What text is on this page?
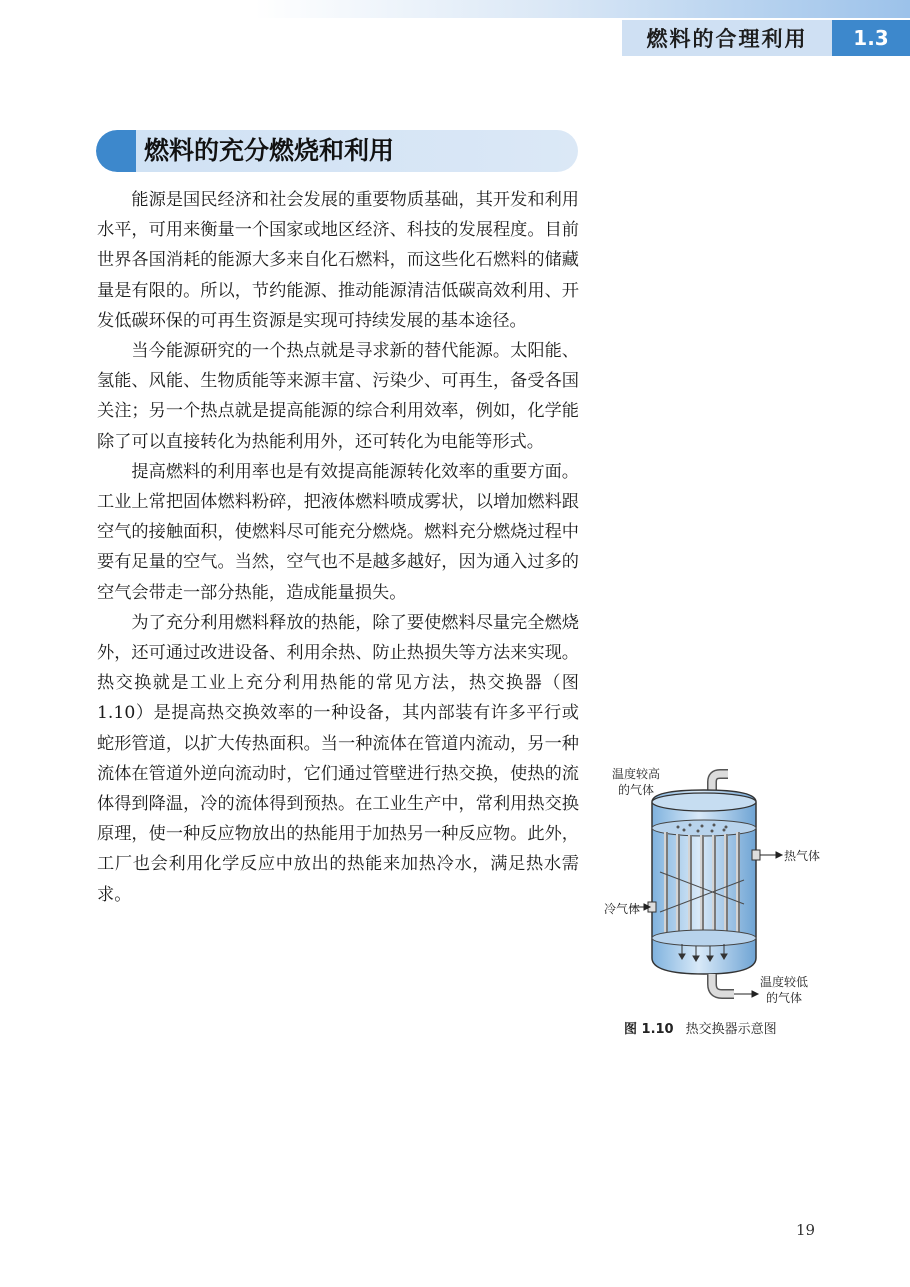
燃料的合理利用	1.3
燃料的充分燃烧和利用

能源是国民经济和社会发展的重要物质基础，其开发和利用水平，可用来衡量一个国家或地区经济、科技的发展程度。目前世界各国消耗的能源大多来自化石燃料，而这些化石燃料的储藏量是有限的。所以，节约能源、推动能源清洁低碳高效利用、开发低碳环保的可再生资源是实现可持续发展的基本途径。

当今能源研究的一个热点就是寻求新的替代能源。太阳能、氢能、风能、生物质能等来源丰富、污染少、可再生，备受各国关注；另一个热点就是提高能源的综合利用效率，例如，化学能除了可以直接转化为热能利用外，还可转化为电能等形式。

提高燃料的利用率也是有效提高能源转化效率的重要方面。工业上常把固体燃料粉碎，把液体燃料喷成雾状，以增加燃料跟空气的接触面积，使燃料尽可能充分燃烧。燃料充分燃烧过程中要有足量的空气。当然，空气也不是越多越好，因为通入过多的空气会带走一部分热能，造成能量损失。

为了充分利用燃料释放的热能，除了要使燃料尽量完全燃烧外，还可通过改进设备、利用余热、防止热损失等方法来实现。热交换就是工业上充分利用热能的常见方法，热交换器（图 1.10）是提高热交换效率的一种设备，其内部装有许多平行或蛇形管道，以扩大传热面积。当一种流体在管道内流动，另一种流体在管道外逆向流动时，它们通过管壁进行热交换，使热的流体得到降温，冷的流体得到预热。在工业生产中，常利用热交换原理，使一种反应物放出的热能用于加热另一种反应物。此外，工厂也会利用化学反应中放出的热能来加热冷水，满足热水需求。

温度较高
的气体
热气体
冷气体
温度较低
的气体
图 1.10 热交换器示意图
19
